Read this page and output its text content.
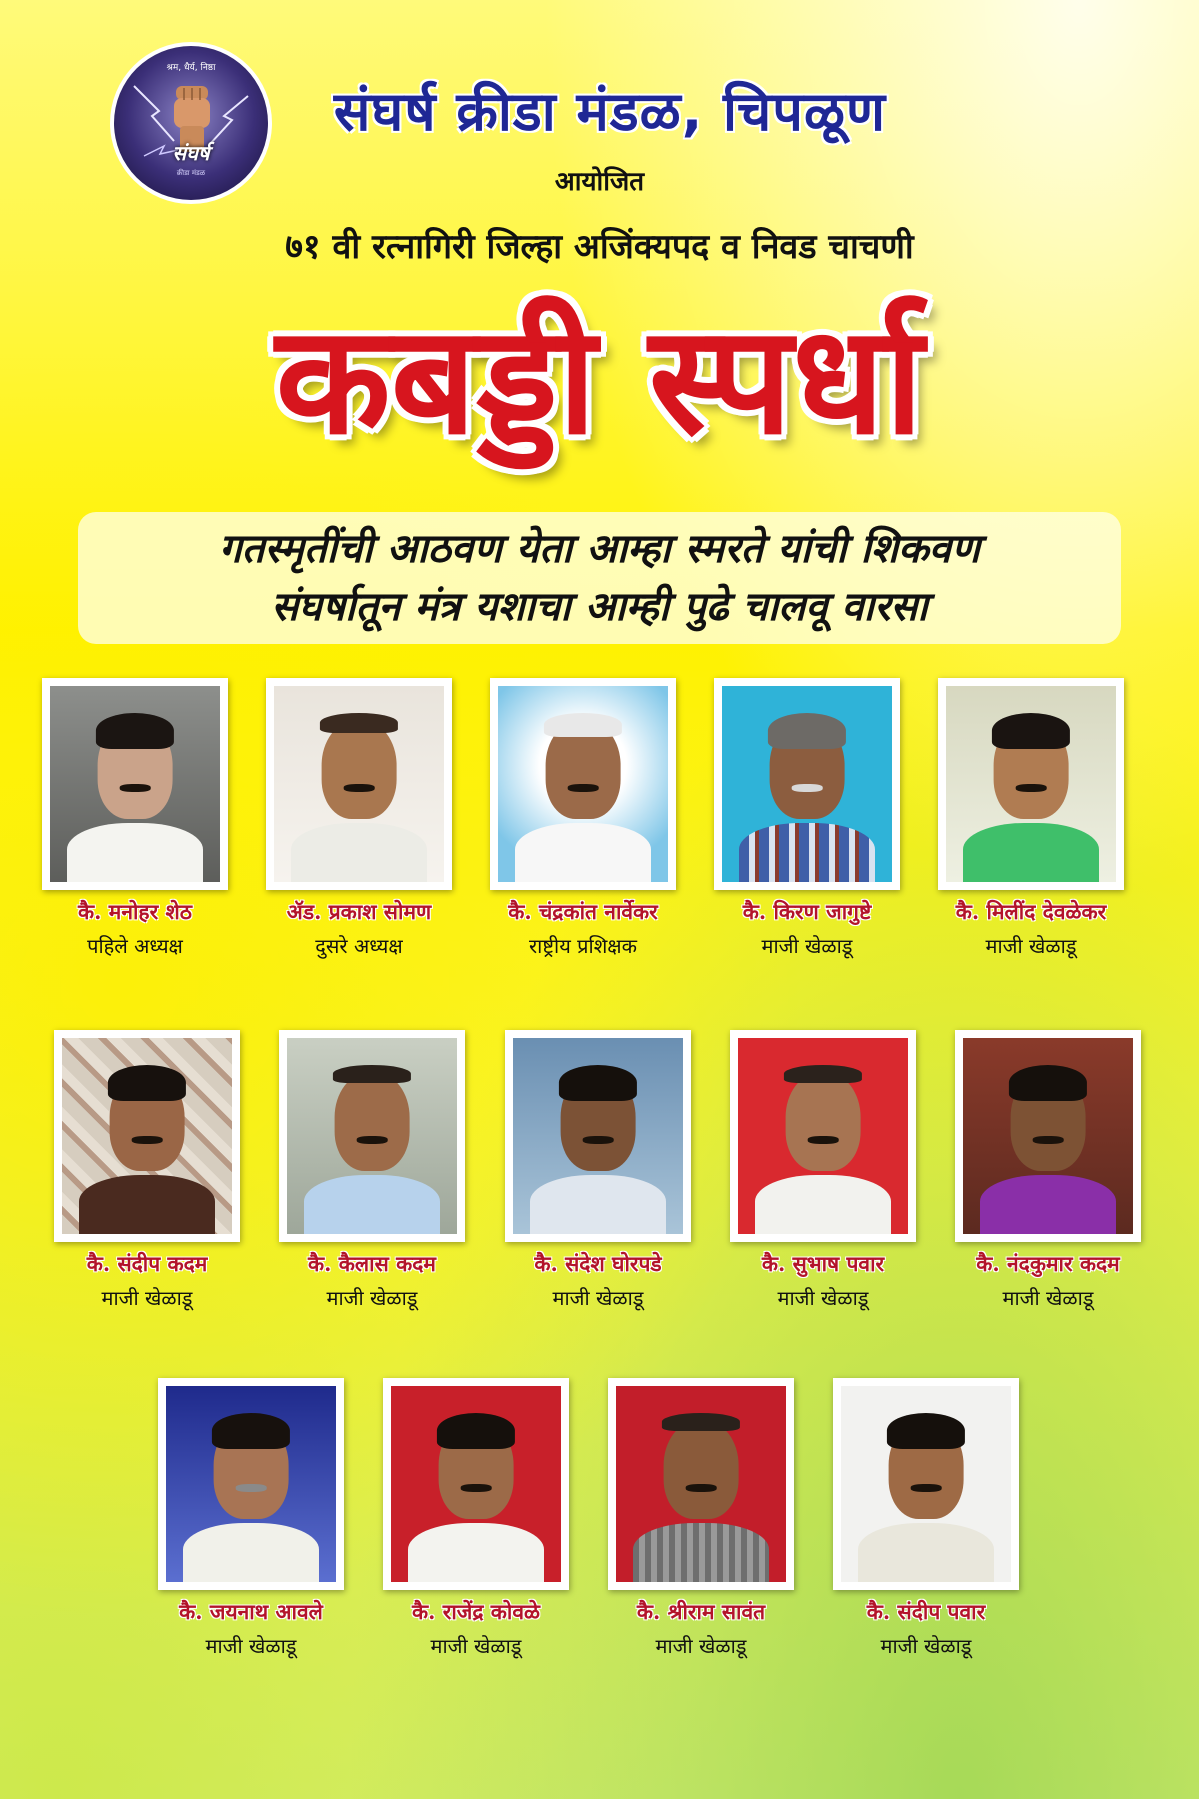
श्रम, धैर्य, निष्ठा
संघर्ष
क्रीडा मंडळ
संघर्ष क्रीडा मंडळ, चिपळूण
आयोजित
७१ वी रत्नागिरी जिल्हा अजिंक्यपद व निवड चाचणी
कबड्डी स्पर्धा
गतस्मृतींची आठवण येता आम्हा स्मरते यांची शिकवण
संघर्षातून मंत्र यशाचा आम्ही पुढे चालवू वारसा
कै. मनोहर शेठ
पहिले अध्यक्ष
ॲड. प्रकाश सोमण
दुसरे अध्यक्ष
कै. चंद्रकांत नार्वेकर
राष्ट्रीय प्रशिक्षक
कै. किरण जागुष्टे
माजी खेळाडू
कै. मिलींद देवळेकर
माजी खेळाडू
कै. संदीप कदम
माजी खेळाडू
कै. कैलास कदम
माजी खेळाडू
कै. संदेश घोरपडे
माजी खेळाडू
कै. सुभाष पवार
माजी खेळाडू
कै. नंदकुमार कदम
माजी खेळाडू
कै. जयनाथ आवले
माजी खेळाडू
कै. राजेंद्र कोवळे
माजी खेळाडू
कै. श्रीराम सावंत
माजी खेळाडू
कै. संदीप पवार
माजी खेळाडू
